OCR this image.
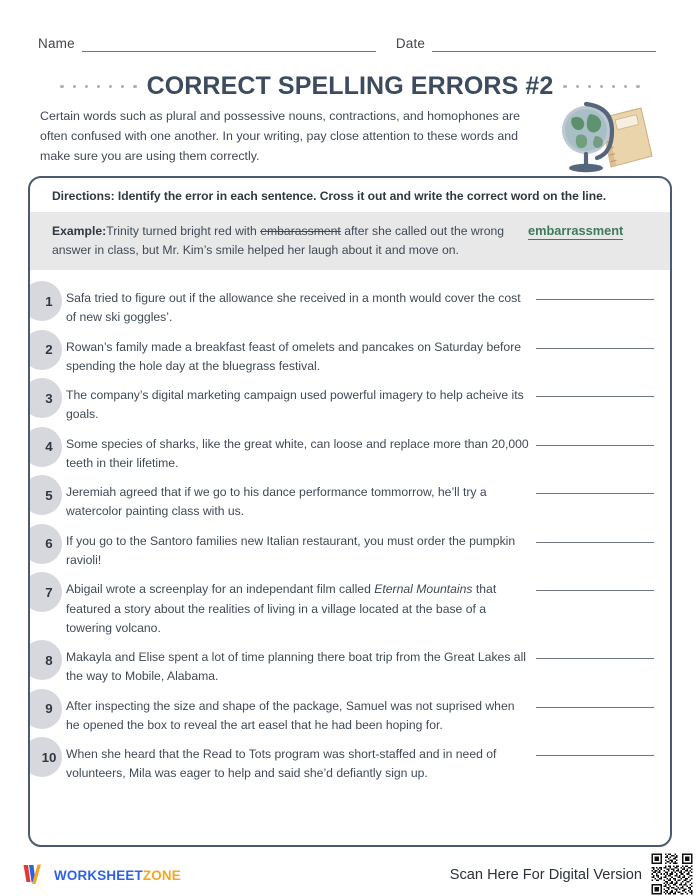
Name	Date
CORRECT SPELLING ERRORS #2
Certain words such as plural and possessive nouns, contractions, and homophones are often confused with one another. In your writing, pay close attention to these words and make sure you are using them correctly.
Directions: Identify the error in each sentence. Cross it out and write the correct word on the line.
Example:Trinity turned bright red with embarassment after she called out the wrong answer in class, but Mr. Kim’s smile helped her laugh about it and move on.
embarrassment
1 Safa tried to figure out if the allowance she received in a month would cover the cost of new ski goggles’.
2 Rowan’s family made a breakfast feast of omelets and pancakes on Saturday before spending the hole day at the bluegrass festival.
3 The company’s digital marketing campaign used powerful imagery to help acheive its goals.
4 Some species of sharks, like the great white, can loose and replace more than 20,000 teeth in their lifetime.
5 Jeremiah agreed that if we go to his dance performance tommorrow, he’ll try a watercolor painting class with us.
6 If you go to the Santoro families new Italian restaurant, you must order the pumpkin ravioli!
7 Abigail wrote a screenplay for an independant film called Eternal Mountains that featured a story about the realities of living in a village located at the base of a towering volcano.
8 Makayla and Elise spent a lot of time planning there boat trip from the Great Lakes all the way to Mobile, Alabama.
9 After inspecting the size and shape of the package, Samuel was not suprised when he opened the box to reveal the art easel that he had been hoping for.
10 When she heard that the Read to Tots program was short-staffed and in need of volunteers, Mila was eager to help and said she’d defiantly sign up.
WORKSHEETZONE	Scan Here For Digital Version
